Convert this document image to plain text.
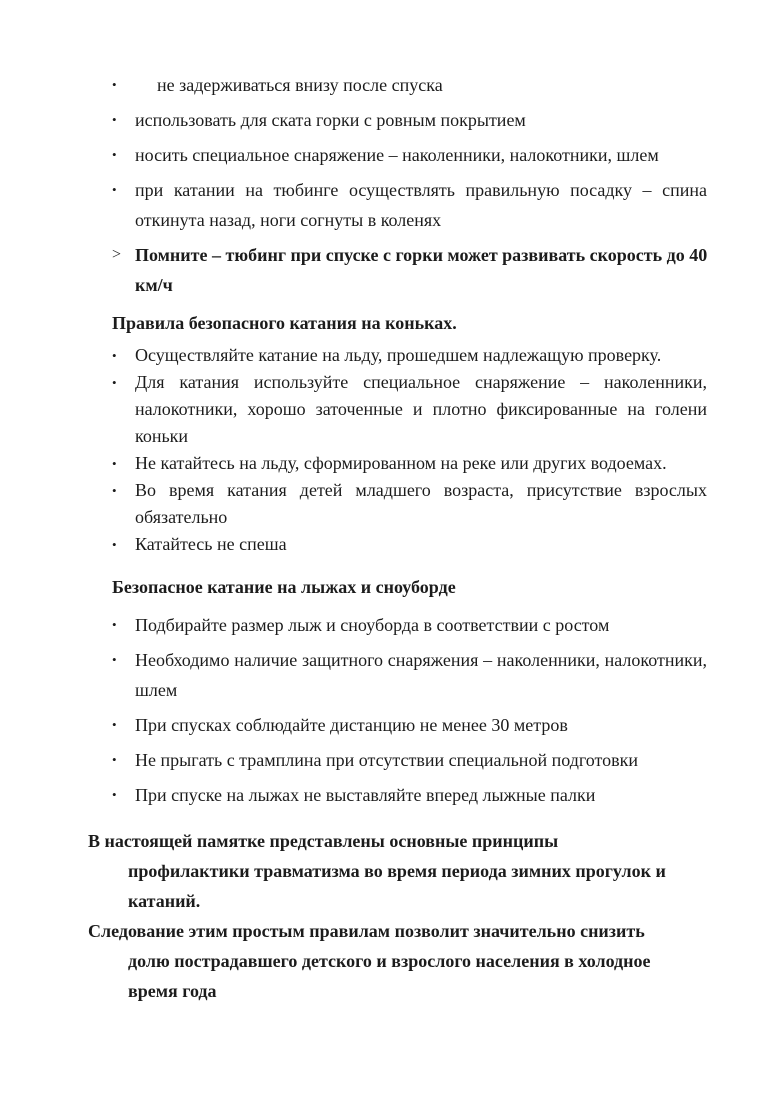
•	не задерживаться внизу после спуска
•	использовать для ската горки с ровным покрытием
•	носить специальное снаряжение – наколенники, налокотники, шлем
•	при катании на тюбинге осуществлять правильную посадку – спина
откинута назад, ноги согнуты в коленях
> Помните – тюбинг при спуске с горки может развивать скорость до 40
км/ч
Правила безопасного катания на коньках.
•	Осуществляйте катание на льду, прошедшем надлежащую проверку.
•	Для катания используйте специальное снаряжение – наколенники,
налокотники, хорошо заточенные и плотно фиксированные на голени
коньки
•	Не катайтесь на льду, сформированном на реке или других водоемах.
•	Во время катания детей младшего возраста, присутствие взрослых
обязательно
•	Катайтесь не спеша
Безопасное катание на лыжах и сноуборде
•	Подбирайте размер лыж и сноуборда в соответствии с ростом
•	Необходимо наличие защитного снаряжения – наколенники, налокотники,
шлем
•	При спусках соблюдайте дистанцию не менее 30 метров
•	Не прыгать с трамплина при отсутствии специальной подготовки
•	При спуске на лыжах не выставляйте вперед лыжные палки

В настоящей памятке представлены основные принципы
профилактики травматизма во время периода зимних прогулок и
катаний.

Следование этим простым правилам позволит значительно снизить
долю пострадавшего детского и взрослого населения в холодное
время года
